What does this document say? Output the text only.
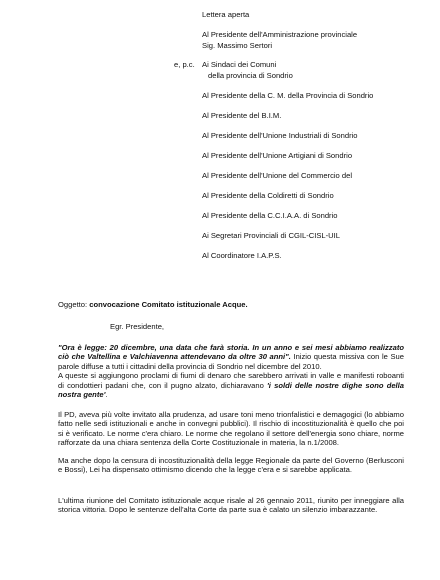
Lettera aperta
Al Presidente dell'Amministrazione provinciale
Sig. Massimo Sertori
e, p.c. Ai Sindaci dei Comuni
della provincia di Sondrio
Al Presidente della C. M. della Provincia di Sondrio
Al Presidente del B.I.M.
Al Presidente dell'Unione Industriali di Sondrio
Al Presidente dell'Unione Artigiani di Sondrio
Al Presidente dell'Unione del Commercio del
Al Presidente della Coldiretti di Sondrio
Al Presidente della C.C.I.A.A. di Sondrio
Ai Segretari Provinciali di CGIL-CISL-UIL
Al Coordinatore I.A.P.S.
Oggetto: convocazione Comitato istituzionale Acque.
Egr. Presidente,

"Ora è legge: 20 dicembre, una data che farà storia. In un anno e sei mesi abbiamo realizzato ciò che Valtellina e Valchiavenna attendevano da oltre 30 anni". Inizio questa missiva con le Sue parole diffuse a tutti i cittadini della provincia di Sondrio nel dicembre del 2010.

A queste si aggiungono proclami di fiumi di denaro che sarebbero arrivati in valle e manifesti roboanti di condottieri padani che, con il pugno alzato, dichiaravano 'i soldi delle nostre dighe sono della nostra gente'.

Il PD, aveva più volte invitato alla prudenza, ad usare toni meno trionfalistici e demagogici (lo abbiamo fatto nelle sedi istituzionali e anche in convegni pubblici). Il rischio di incostituzionalità è quello che poi si è verificato. Le norme c'era chiaro. Le norme che regolano il settore dell'energia sono chiare, norme rafforzate da una chiara sentenza della Corte Costituzionale in materia, la n.1/2008.

Ma anche dopo la censura di incostituzionalità della legge Regionale da parte del Governo (Berlusconi e Bossi), Lei ha dispensato ottimismo dicendo che la legge c'era e si sarebbe applicata.

L'ultima riunione del Comitato istituzionale acque risale al 26 gennaio 2011, riunito per inneggiare alla storica vittoria. Dopo le sentenze dell'alta Corte da parte sua è calato un silenzio imbarazzante.
